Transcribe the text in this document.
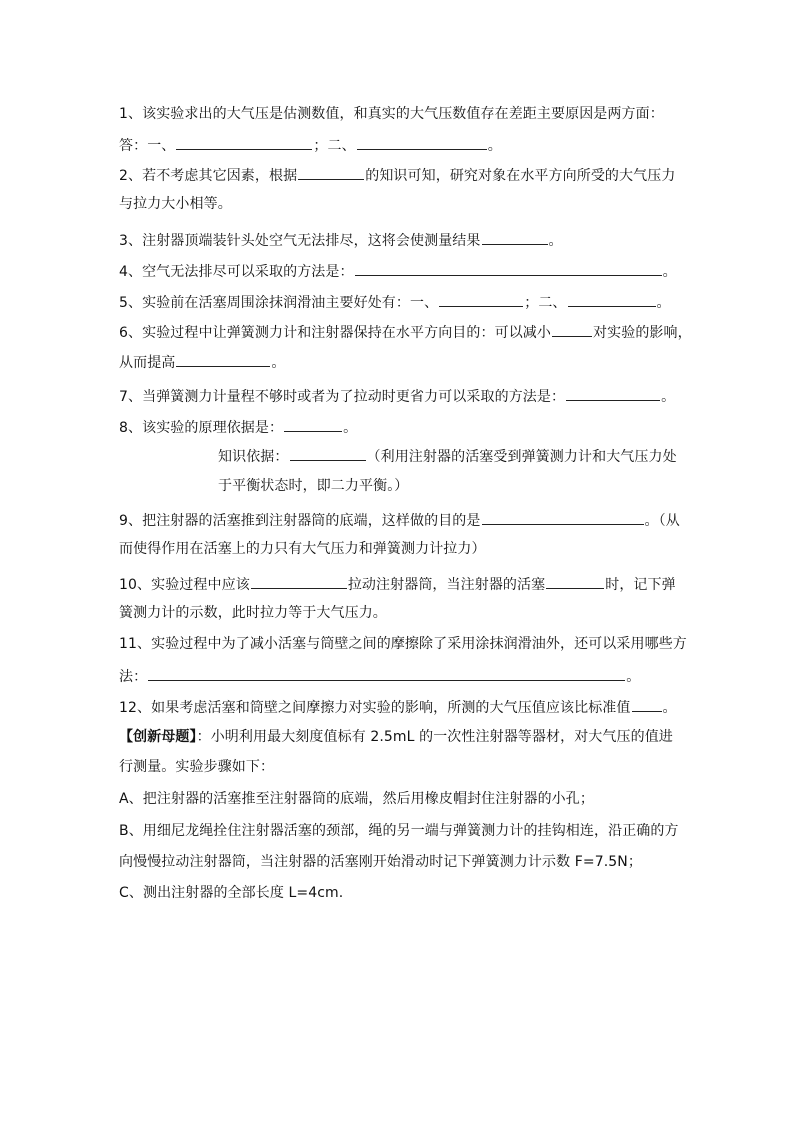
1、该实验求出的大气压是估测数值，和真实的大气压数值存在差距主要原因是两方面：
答：一、	；二、	。
2、若不考虑其它因素，根据	的知识可知，研究对象在水平方向所受的大气压力
与拉力大小相等。
3、注射器顶端装针头处空气无法排尽，这将会使测量结果	。
4、空气无法排尽可以采取的方法是：	。
5、实验前在活塞周围涂抹润滑油主要好处有：一、	；二、	。
6、实验过程中让弹簧测力计和注射器保持在水平方向目的：可以减小	对实验的影响，
从而提高	。
7、当弹簧测力计量程不够时或者为了拉动时更省力可以采取的方法是：	。
8、该实验的原理依据是：	。
知识依据：	（利用注射器的活塞受到弹簧测力计和大气压力处
于平衡状态时，即二力平衡。）
9、把注射器的活塞推到注射器筒的底端，这样做的目的是	。（从
而使得作用在活塞上的力只有大气压力和弹簧测力计拉力）
10、实验过程中应该	拉动注射器筒，当注射器的活塞	时，记下弹
簧测力计的示数，此时拉力等于大气压力。
11、实验过程中为了减小活塞与筒壁之间的摩擦除了采用涂抹润滑油外，还可以采用哪些方
法：	。
12、如果考虑活塞和筒壁之间摩擦力对实验的影响，所测的大气压值应该比标准值 。
【创新母题】：小明利用最大刻度值标有 2.5mL 的一次性注射器等器材，对大气压的值进
行测量。实验步骤如下：
A、把注射器的活塞推至注射器筒的底端，然后用橡皮帽封住注射器的小孔；
B、用细尼龙绳拴住注射器活塞的颈部，绳的另一端与弹簧测力计的挂钩相连，沿正确的方
向慢慢拉动注射器筒，当注射器的活塞刚开始滑动时记下弹簧测力计示数 F=7.5N；
C、测出注射器的全部长度 L=4cm.
